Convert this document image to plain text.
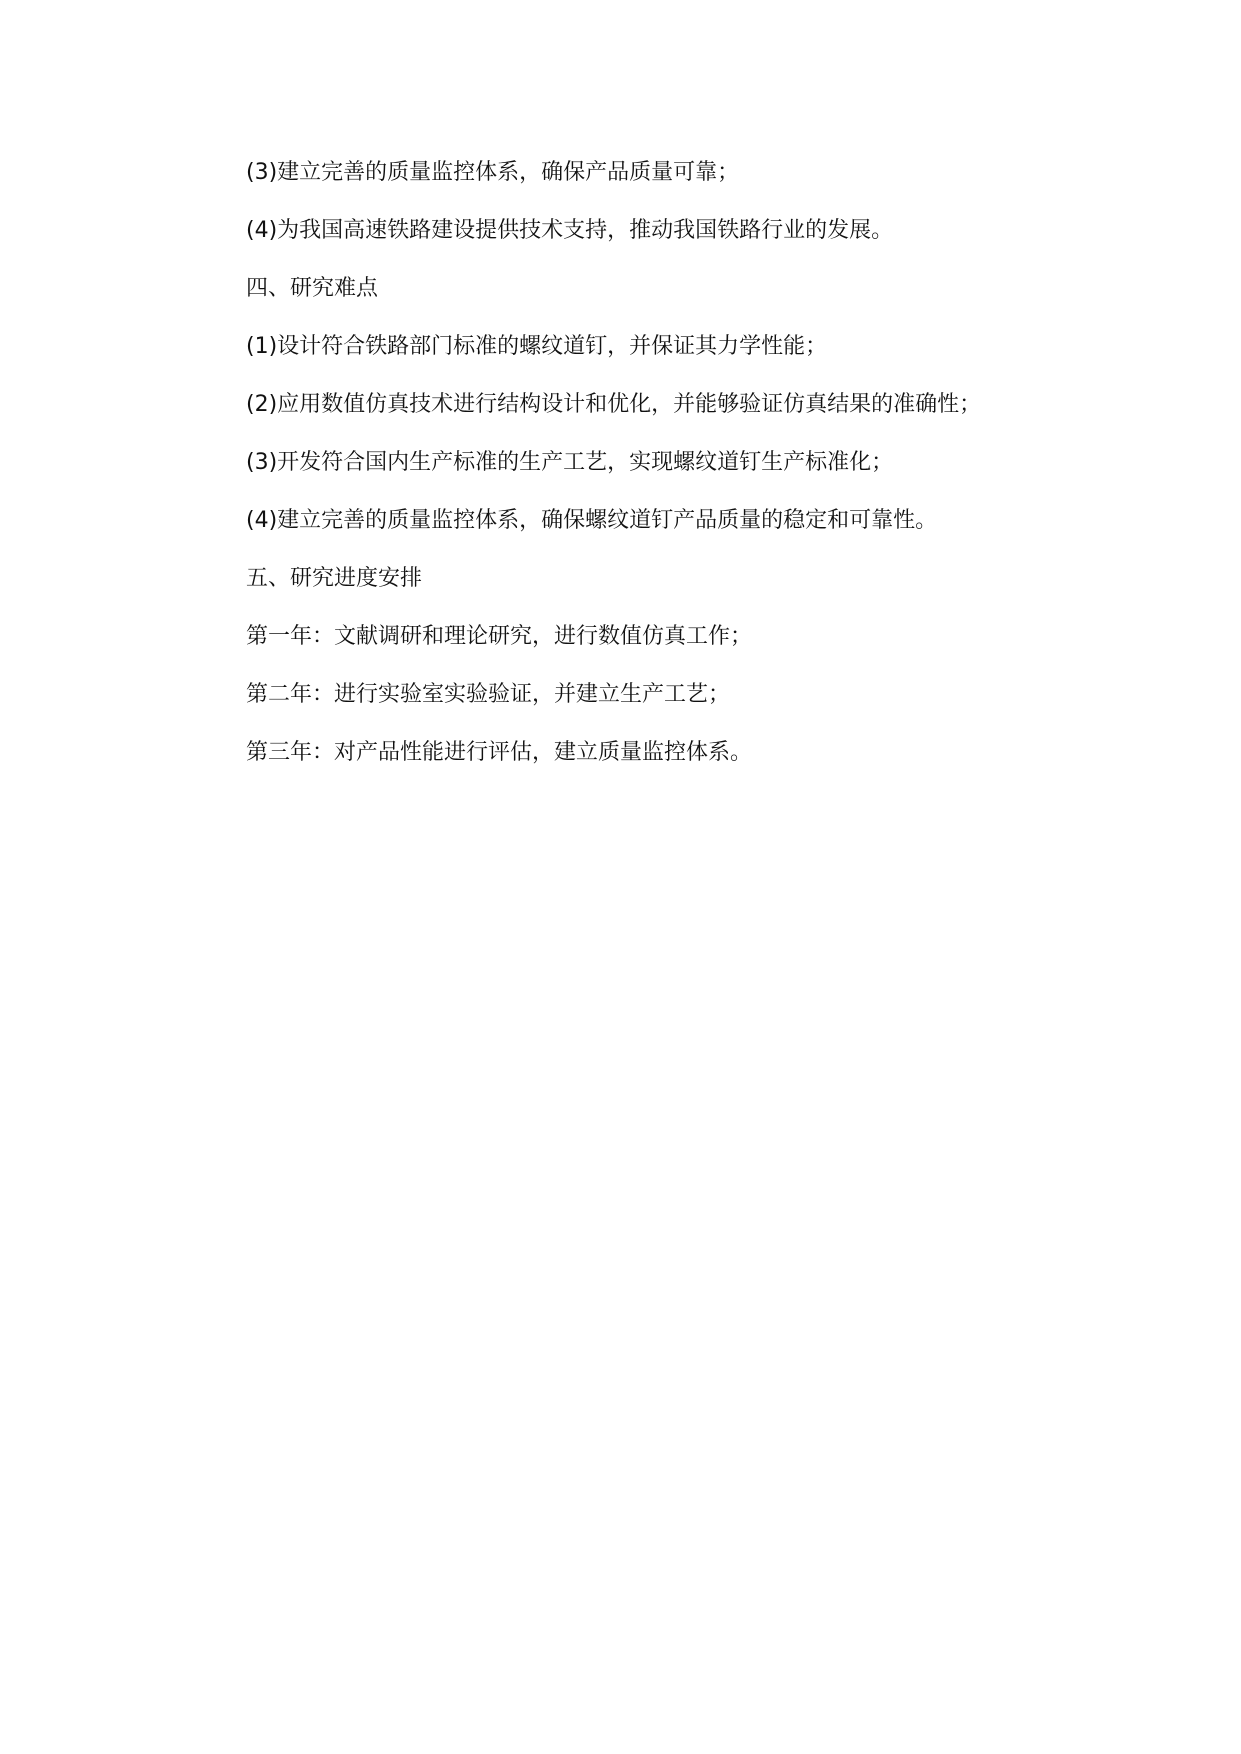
(3)建立完善的质量监控体系，确保产品质量可靠；
(4)为我国高速铁路建设提供技术支持，推动我国铁路行业的发展。
四、研究难点
(1)设计符合铁路部门标准的螺纹道钉，并保证其力学性能；
(2)应用数值仿真技术进行结构设计和优化，并能够验证仿真结果的准确性；
(3)开发符合国内生产标准的生产工艺，实现螺纹道钉生产标准化；
(4)建立完善的质量监控体系，确保螺纹道钉产品质量的稳定和可靠性。
五、研究进度安排
第一年：文献调研和理论研究，进行数值仿真工作；
第二年：进行实验室实验验证，并建立生产工艺；
第三年：对产品性能进行评估，建立质量监控体系。
